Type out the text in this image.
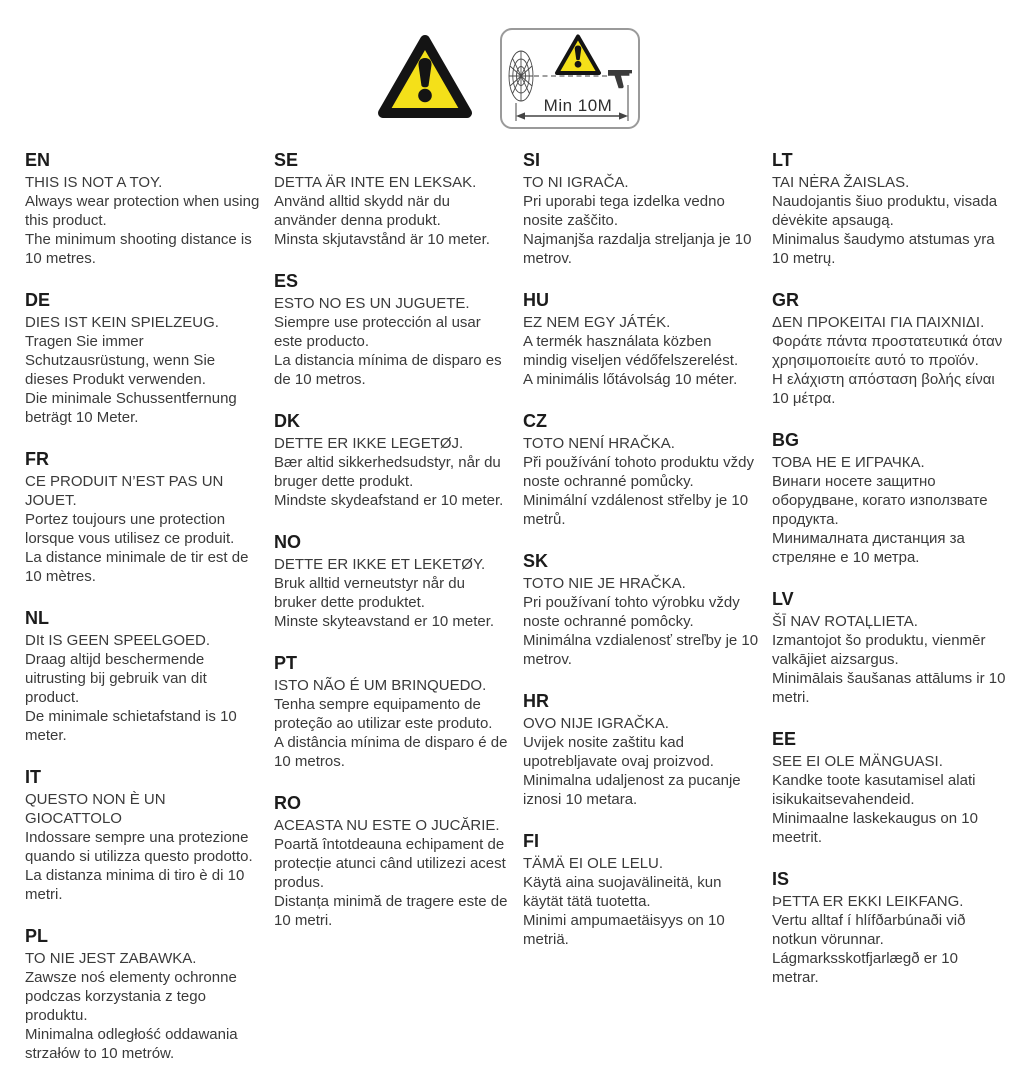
Min 10M
EN

THIS IS NOT A TOY.

Always wear protection when using this product.

The minimum shooting distance is 10 metres.

DE

DIES IST KEIN SPIELZEUG.

Tragen Sie immer Schutzausrüstung, wenn Sie dieses Produkt verwenden.

Die minimale Schussentfernung beträgt 10 Meter.

FR

CE PRODUIT N’EST PAS UN JOUET.

Portez toujours une protection lorsque vous utilisez ce produit.

La distance minimale de tir est de 10 mètres.

NL

DIt IS GEEN SPEELGOED.

Draag altijd beschermende uitrusting bij gebruik van dit product.

De minimale schietafstand is 10 meter.

IT

QUESTO NON È UN GIOCATTOLO

Indossare sempre una protezione quando si utilizza questo prodotto.

La distanza minima di tiro è di 10 metri.

PL

TO NIE JEST ZABAWKA.

Zawsze noś elementy ochronne podczas korzystania z tego produktu.

Minimalna odległość oddawania strzałów to 10 metrów.

SE

DETTA ÄR INTE EN LEKSAK.

Använd alltid skydd när du använder denna produkt.

Minsta skjutavstånd är 10 meter.

ES

ESTO NO ES UN JUGUETE.

Siempre use protección al usar este producto.

La distancia mínima de disparo es de 10 metros.

DK

DETTE ER IKKE LEGETØJ.

Bær altid sikkerhedsudstyr, når du bruger dette produkt.

Mindste skydeafstand er 10 meter.

NO

DETTE ER IKKE ET LEKETØY.

Bruk alltid verneutstyr når du bruker dette produktet.

Minste skyteavstand er 10 meter.

PT

ISTO NÃO É UM BRINQUEDO.

Tenha sempre equipamento de proteção ao utilizar este produto.

A distância mínima de disparo é de 10 metros.

RO

ACEASTA NU ESTE O JUCĂRIE.

Poartă întotdeauna echipament de protecție atunci când utilizezi acest produs.

Distanța minimă de tragere este de 10 metri.

SI

TO NI IGRAČA.

Pri uporabi tega izdelka vedno nosite zaščito.

Najmanjša razdalja streljanja je 10 metrov.

HU

EZ NEM EGY JÁTÉK.

A termék használata közben mindig viseljen védőfelszerelést.

A minimális lőtávolság 10 méter.

CZ

TOTO NENÍ HRAČKA.

Při používání tohoto produktu vždy noste ochranné pomůcky.

Minimální vzdálenost střelby je 10 metrů.

SK

TOTO NIE JE HRAČKA.

Pri používaní tohto výrobku vždy noste ochranné pomôcky.

Minimálna vzdialenosť streľby je 10 metrov.

HR

OVO NIJE IGRAČKA.

Uvijek nosite zaštitu kad upotrebljavate ovaj proizvod.

Minimalna udaljenost za pucanje iznosi 10 metara.

FI

TÄMÄ EI OLE LELU.

Käytä aina suojavälineitä, kun käytät tätä tuotetta.

Minimi ampumaetäisyys on 10 metriä.

LT

TAI NĖRA ŽAISLAS.

Naudojantis šiuo produktu, visada dėvėkite apsaugą.

Minimalus šaudymo atstumas yra 10 metrų.

GR

ΔΕΝ ΠΡΟΚΕΙΤΑΙ ΓΙΑ ΠΑΙΧΝΙΔΙ.

Φοράτε πάντα προστατευτικά όταν χρησιμοποιείτε αυτό το προϊόν.

Η ελάχιστη απόσταση βολής είναι 10 μέτρα.

BG

ТОВА НЕ Е ИГРАЧКА.

Винаги носете защитно оборудване, когато използвате продукта.

Минималната дистанция за стреляне е 10 метра.

LV

ŠĪ NAV ROTAĻLIETA.

Izmantojot šo produktu, vienmēr valkājiet aizsargus.

Minimālais šaušanas attālums ir 10 metri.

EE

SEE EI OLE MÄNGUASI.

Kandke toote kasutamisel alati isikukaitsevahendeid.

Minimaalne laskekaugus on 10 meetrit.

IS

ÞETTA ER EKKI LEIKFANG.

Vertu alltaf í hlífðarbúnaði við notkun vörunnar.

Lágmarksskotfjarlægð er 10 metrar.
